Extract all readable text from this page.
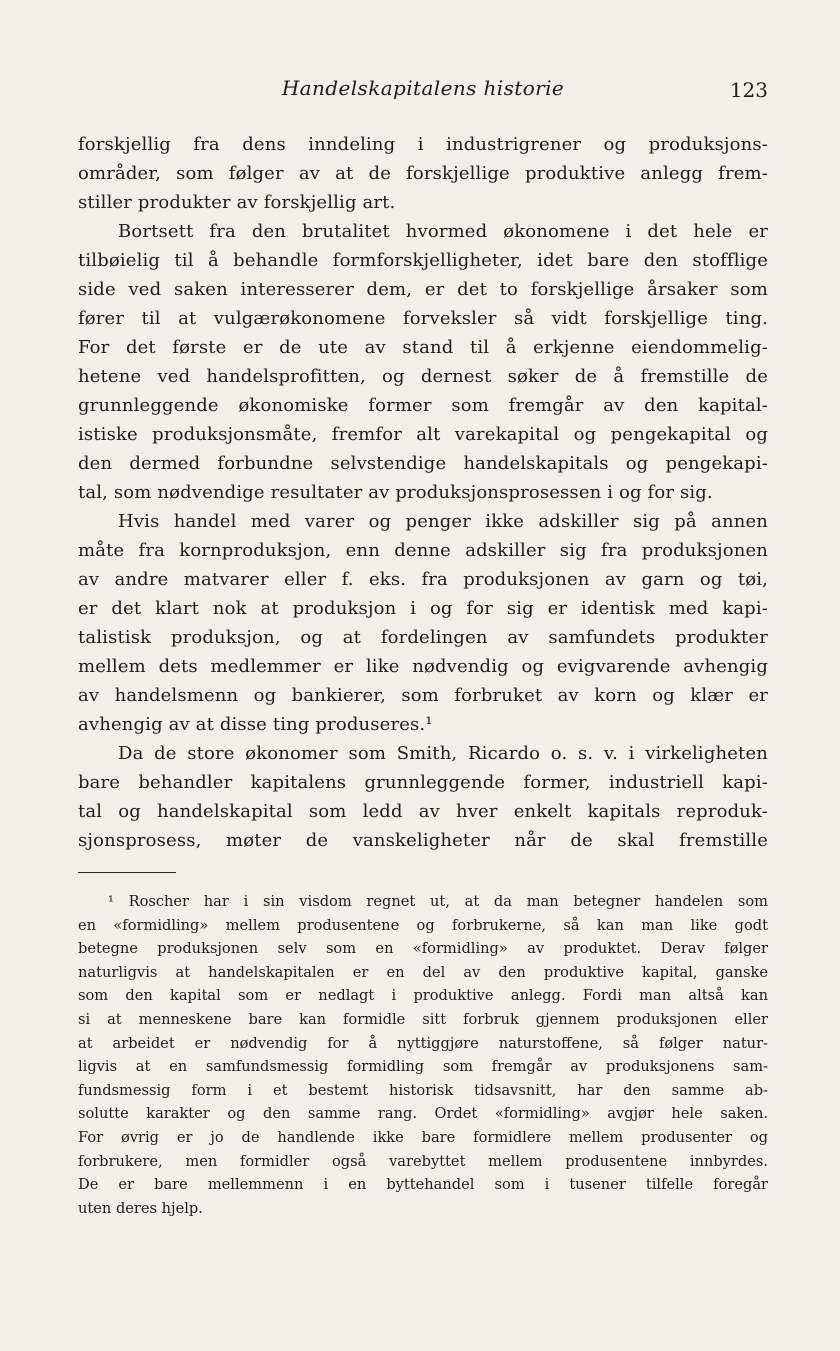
Handelskapitalens historie	123
forskjellig fra dens inndeling i industrigrener og produksjons-
områder, som følger av at de forskjellige produktive anlegg frem-
stiller produkter av forskjellig art.
Bortsett fra den brutalitet hvormed økonomene i det hele er
tilbøielig til å behandle formforskjelligheter, idet bare den stofflige
side ved saken interesserer dem, er det to forskjellige årsaker som
fører til at vulgærøkonomene forveksler så vidt forskjellige ting.
For det første er de ute av stand til å erkjenne eiendommelig-
hetene ved handelsprofitten, og dernest søker de å fremstille de
grunnleggende økonomiske former som fremgår av den kapital-
istiske produksjonsmåte, fremfor alt varekapital og pengekapital og
den dermed forbundne selvstendige handelskapitals og pengekapi-
tal, som nødvendige resultater av produksjonsprosessen i og for sig.
Hvis handel med varer og penger ikke adskiller sig på annen
måte fra kornproduksjon, enn denne adskiller sig fra produksjonen
av andre matvarer eller f. eks. fra produksjonen av garn og tøi,
er det klart nok at produksjon i og for sig er identisk med kapi-
talistisk produksjon, og at fordelingen av samfundets produkter
mellem dets medlemmer er like nødvendig og evigvarende avhengig
av handelsmenn og bankierer, som forbruket av korn og klær er
avhengig av at disse ting produseres.¹
Da de store økonomer som Smith, Ricardo o. s. v. i virkeligheten
bare behandler kapitalens grunnleggende former, industriell kapi-
tal og handelskapital som ledd av hver enkelt kapitals reproduk-
sjonsprosess, møter de vanskeligheter når de skal fremstille
¹ Roscher har i sin visdom regnet ut, at da man betegner handelen som
en «formidling» mellem produsentene og forbrukerne, så kan man like godt
betegne produksjonen selv som en «formidling» av produktet. Derav følger
naturligvis at handelskapitalen er en del av den produktive kapital, ganske
som den kapital som er nedlagt i produktive anlegg. Fordi man altså kan
si at menneskene bare kan formidle sitt forbruk gjennem produksjonen eller
at arbeidet er nødvendig for å nyttiggjøre naturstoffene, så følger natur-
ligvis at en samfundsmessig formidling som fremgår av produksjonens sam-
fundsmessig form i et bestemt historisk tidsavsnitt, har den samme ab-
solutte karakter og den samme rang. Ordet «formidling» avgjør hele saken.
For øvrig er jo de handlende ikke bare formidlere mellem produsenter og
forbrukere, men formidler også varebyttet mellem produsentene innbyrdes.
De er bare mellemmenn i en byttehandel som i tusener tilfelle foregår
uten deres hjelp.
